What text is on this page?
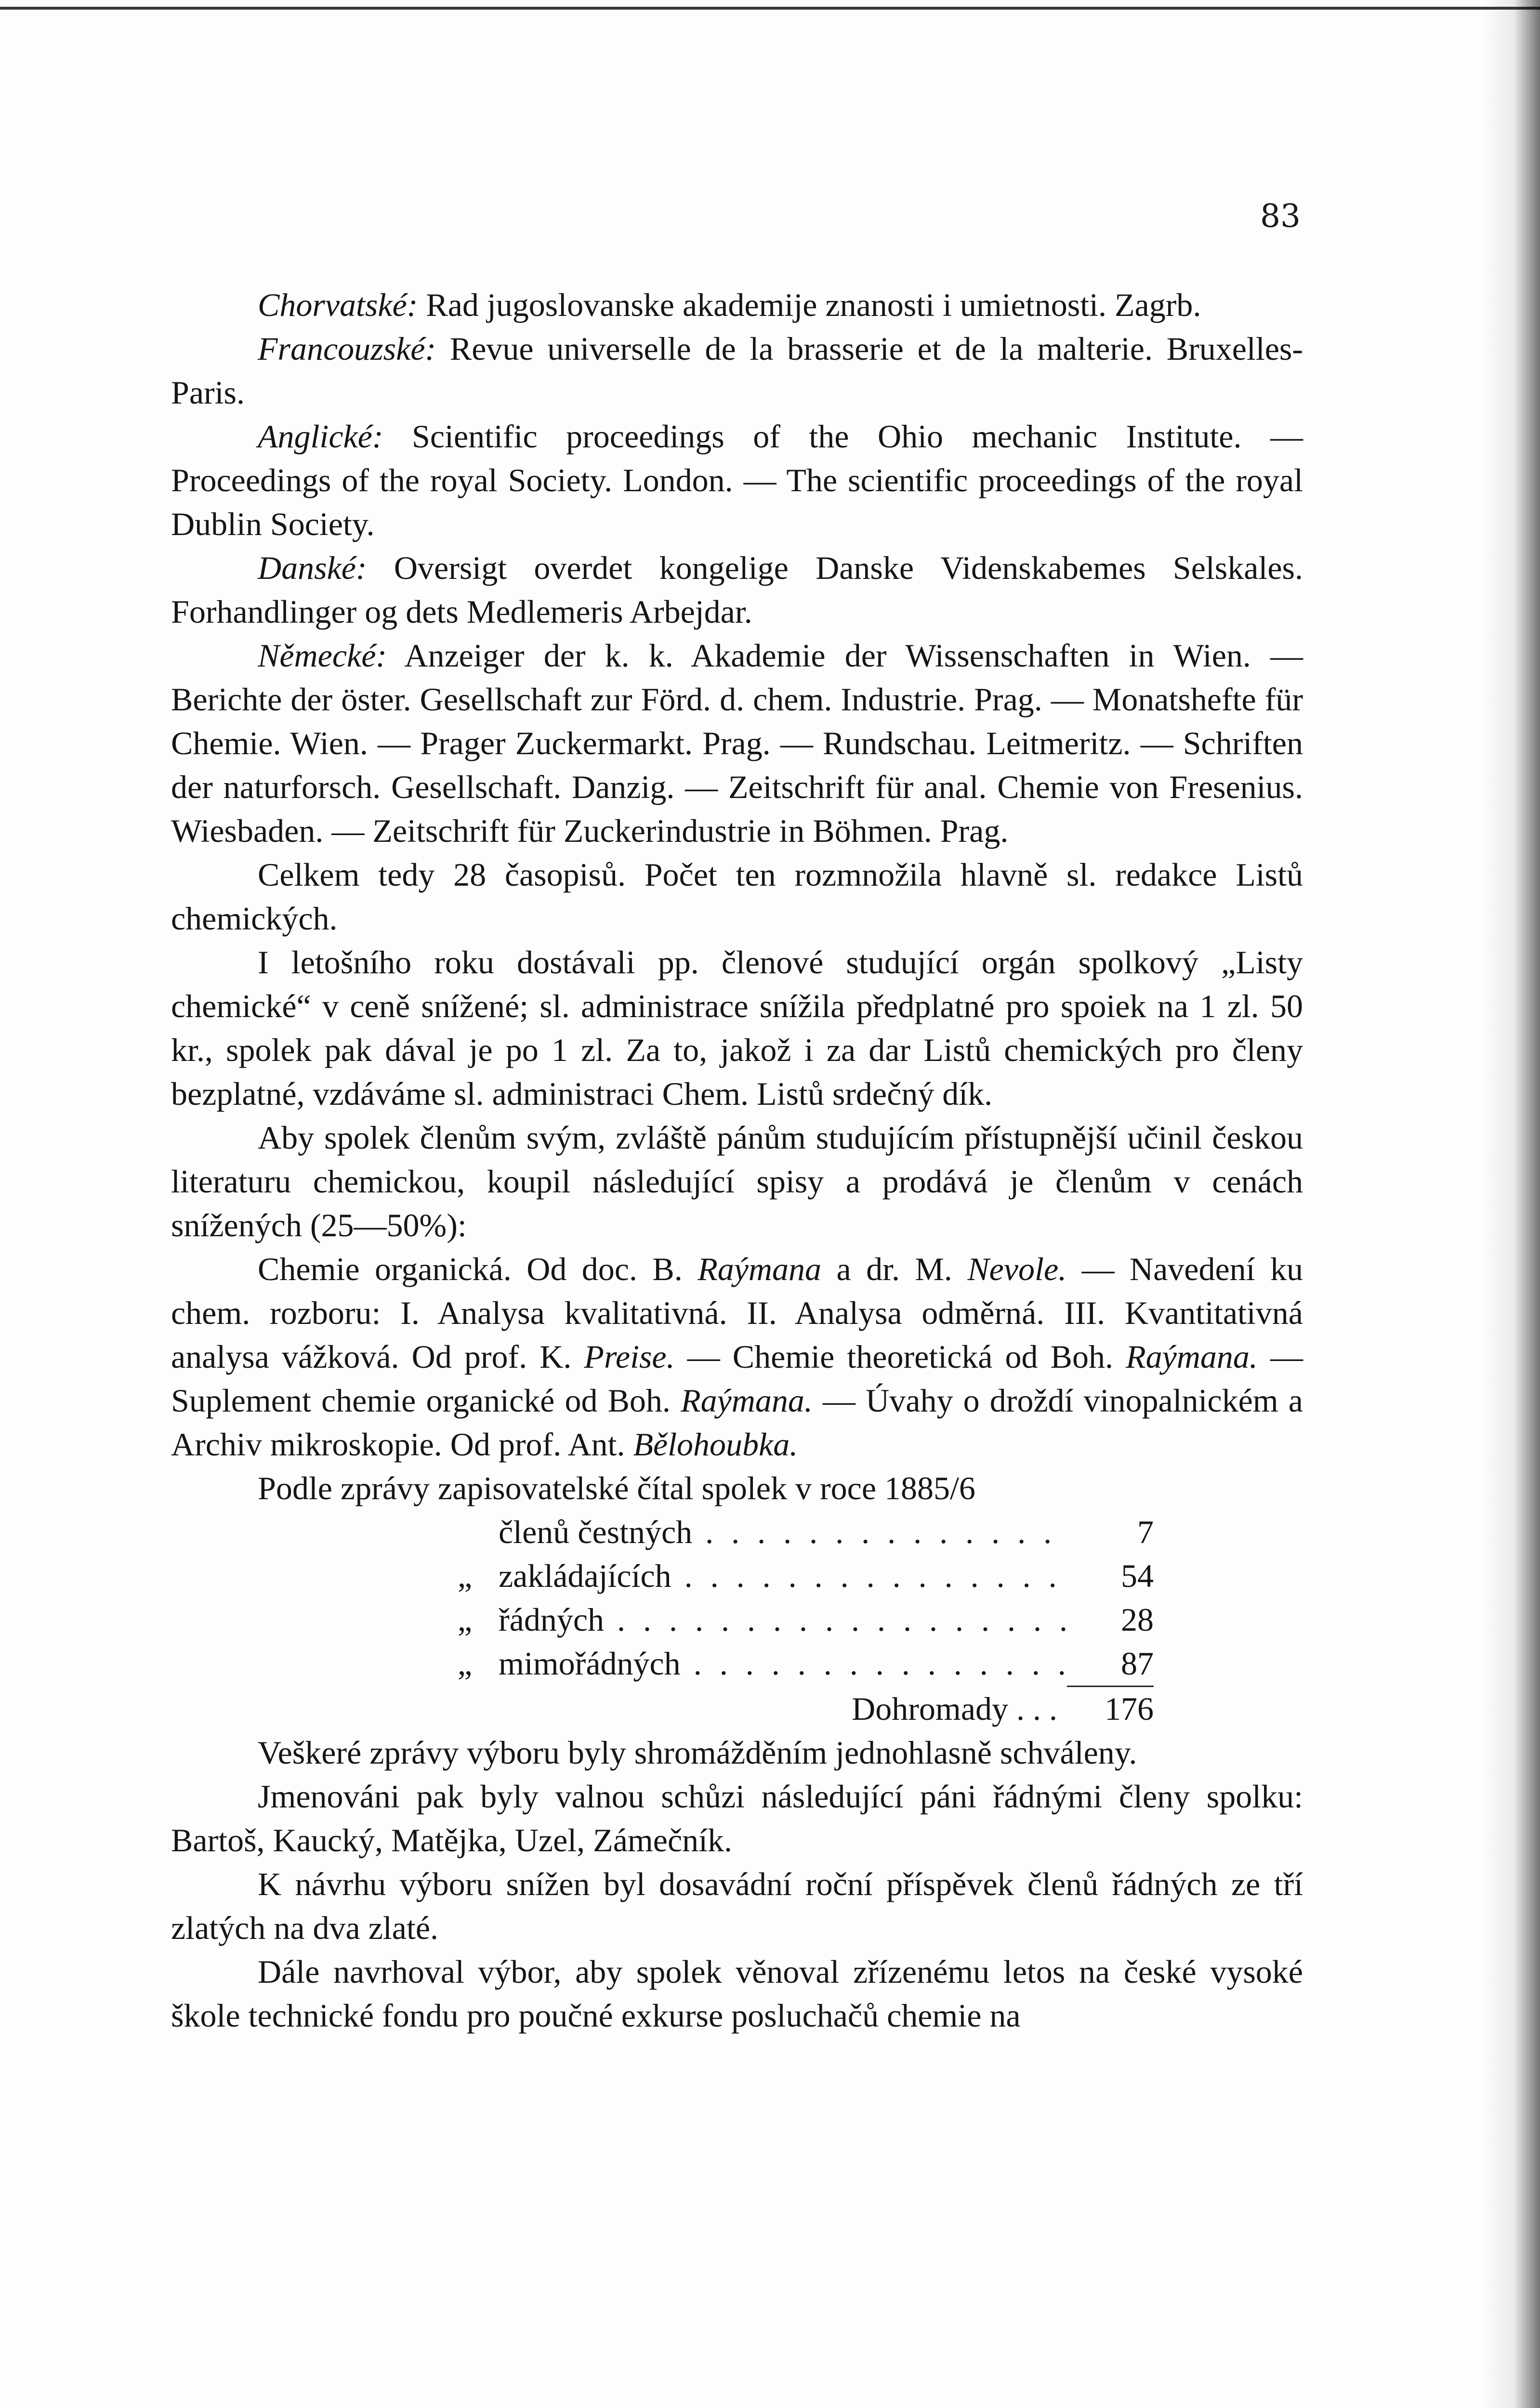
83

Chorvatské: Rad jugoslovanske akademije znanosti i umietnosti. Zagrb.

Francouzské: Revue universelle de la brasserie et de la malterie. Bruxelles-Paris.

Anglické: Scientific proceedings of the Ohio mechanic Institute. — Proceedings of the royal Society. London. — The scientific proceedings of the royal Dublin Society.

Danské: Oversigt overdet kongelige Danske Videnskabemes Selskales. Forhandlinger og dets Medlemeris Arbejdar.

Německé: Anzeiger der k. k. Akademie der Wissenschaften in Wien. — Berichte der öster. Gesellschaft zur Förd. d. chem. Industrie. Prag. — Monatshefte für Chemie. Wien. — Prager Zuckermarkt. Prag. — Rundschau. Leitmeritz. — Schriften der naturforsch. Gesellschaft. Danzig. — Zeitschrift für anal. Chemie von Fresenius. Wiesbaden. — Zeitschrift für Zuckerindustrie in Böhmen. Prag.

Celkem tedy 28 časopisů. Počet ten rozmnožila hlavně sl. redakce Listů chemických.

I letošního roku dostávali pp. členové studující orgán spolkový „Listy chemické“ v ceně snížené; sl. administrace snížila předplatné pro spoiek na 1 zl. 50 kr., spolek pak dával je po 1 zl. Za to, jakož i za dar Listů chemických pro členy bezplatné, vzdáváme sl. administraci Chem. Listů srdečný dík.

Aby spolek členům svým, zvláště pánům studujícím přístupnější učinil českou literaturu chemickou, koupil následující spisy a prodává je členům v cenách snížených (25—50%):

Chemie organická. Od doc. B. Raýmana a dr. M. Nevole. — Navedení ku chem. rozboru: I. Analysa kvalitativná. II. Analysa odměrná. III. Kvantitativná analysa vážková. Od prof. K. Preise. — Chemie theoretická od Boh. Raýmana. — Suplement chemie organické od Boh. Raýmana. — Úvahy o droždí vinopalnickém a Archiv mikroskopie. Od prof. Ant. Bělohoubka.

Podle zprávy zapisovatelské čítal spolek v roce 1885/6

členů čestných . . .	7
„ zakládajících . . .	54
„ řádných . . .	28
„ mimořádných . . .	87
Dohromady . . .	176

Veškeré zprávy výboru byly shromážděním jednohlasně schváleny.

Jmenováni pak byly valnou schůzi následující páni řádnými členy spolku: Bartoš, Kaucký, Matějka, Uzel, Zámečník.

K návrhu výboru snížen byl dosavádní roční příspěvek členů řádných ze tří zlatých na dva zlaté.

Dále navrhoval výbor, aby spolek věnoval zřízenému letos na české vysoké škole technické fondu pro poučné exkurse posluchačů chemie na
